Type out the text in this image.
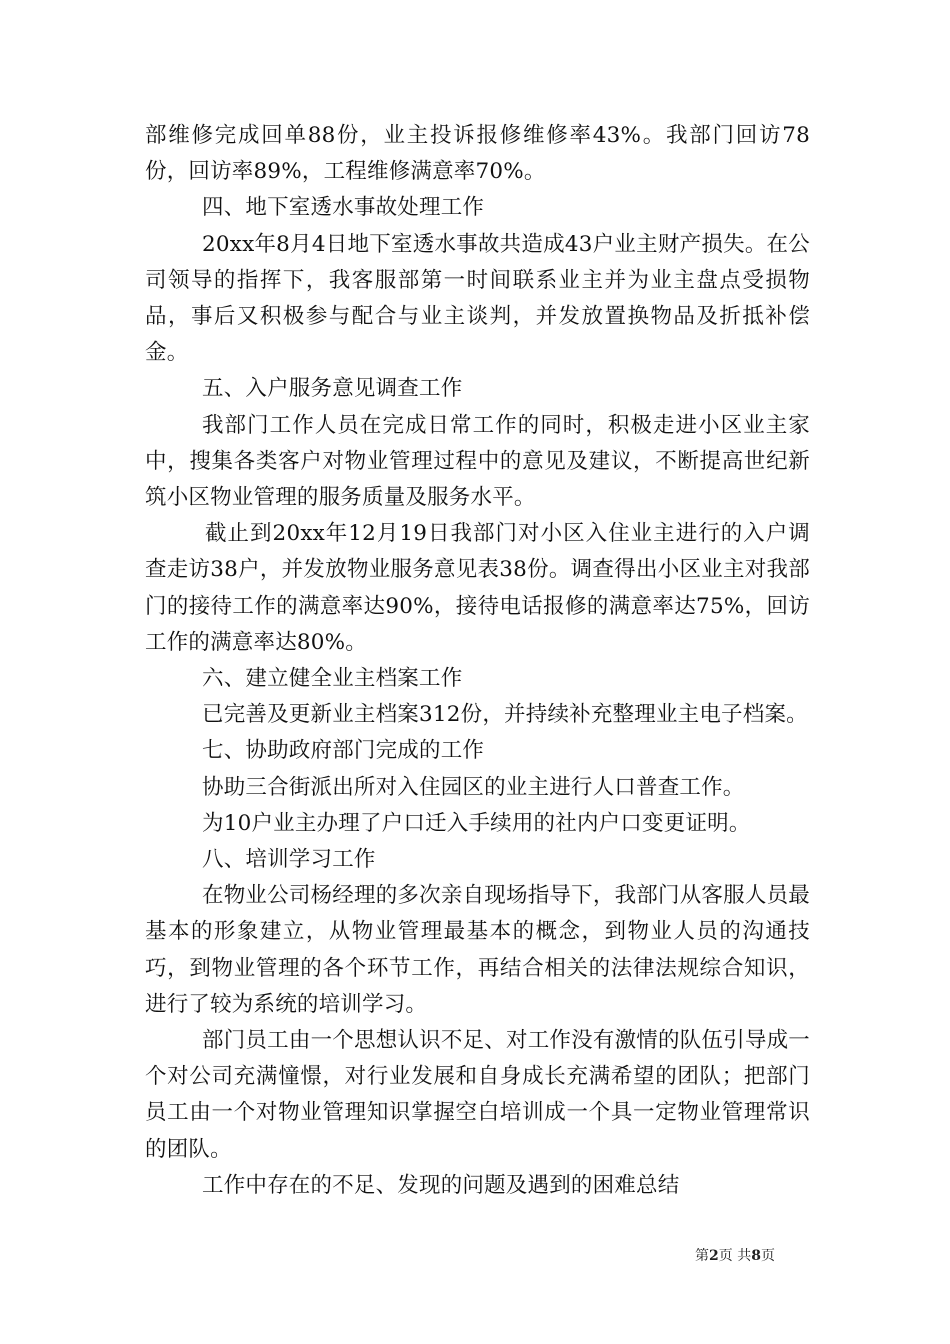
部维修完成回单88份，业主投诉报修维修率43%。我部门回访78份，回访率89%，工程维修满意率70%。

四、地下室透水事故处理工作

20xx年8月4日地下室透水事故共造成43户业主财产损失。在公司领导的指挥下，我客服部第一时间联系业主并为业主盘点受损物品，事后又积极参与配合与业主谈判，并发放置换物品及折抵补偿金。

五、入户服务意见调查工作

我部门工作人员在完成日常工作的同时，积极走进小区业主家中，搜集各类客户对物业管理过程中的意见及建议，不断提高世纪新筑小区物业管理的服务质量及服务水平。

截止到20xx年12月19日我部门对小区入住业主进行的入户调查走访38户，并发放物业服务意见表38份。调查得出小区业主对我部门的接待工作的满意率达90%，接待电话报修的满意率达75%，回访工作的满意率达80%。

六、建立健全业主档案工作

已完善及更新业主档案312份，并持续补充整理业主电子档案。

七、协助政府部门完成的工作

协助三合街派出所对入住园区的业主进行人口普查工作。

为10户业主办理了户口迁入手续用的社内户口变更证明。

八、培训学习工作

在物业公司杨经理的多次亲自现场指导下，我部门从客服人员最基本的形象建立，从物业管理最基本的概念，到物业人员的沟通技巧，到物业管理的各个环节工作，再结合相关的法律法规综合知识，进行了较为系统的培训学习。

部门员工由一个思想认识不足、对工作没有激情的队伍引导成一个对公司充满憧憬，对行业发展和自身成长充满希望的团队；把部门员工由一个对物业管理知识掌握空白培训成一个具一定物业管理常识的团队。

工作中存在的不足、发现的问题及遇到的困难总结

第2页 共8页
